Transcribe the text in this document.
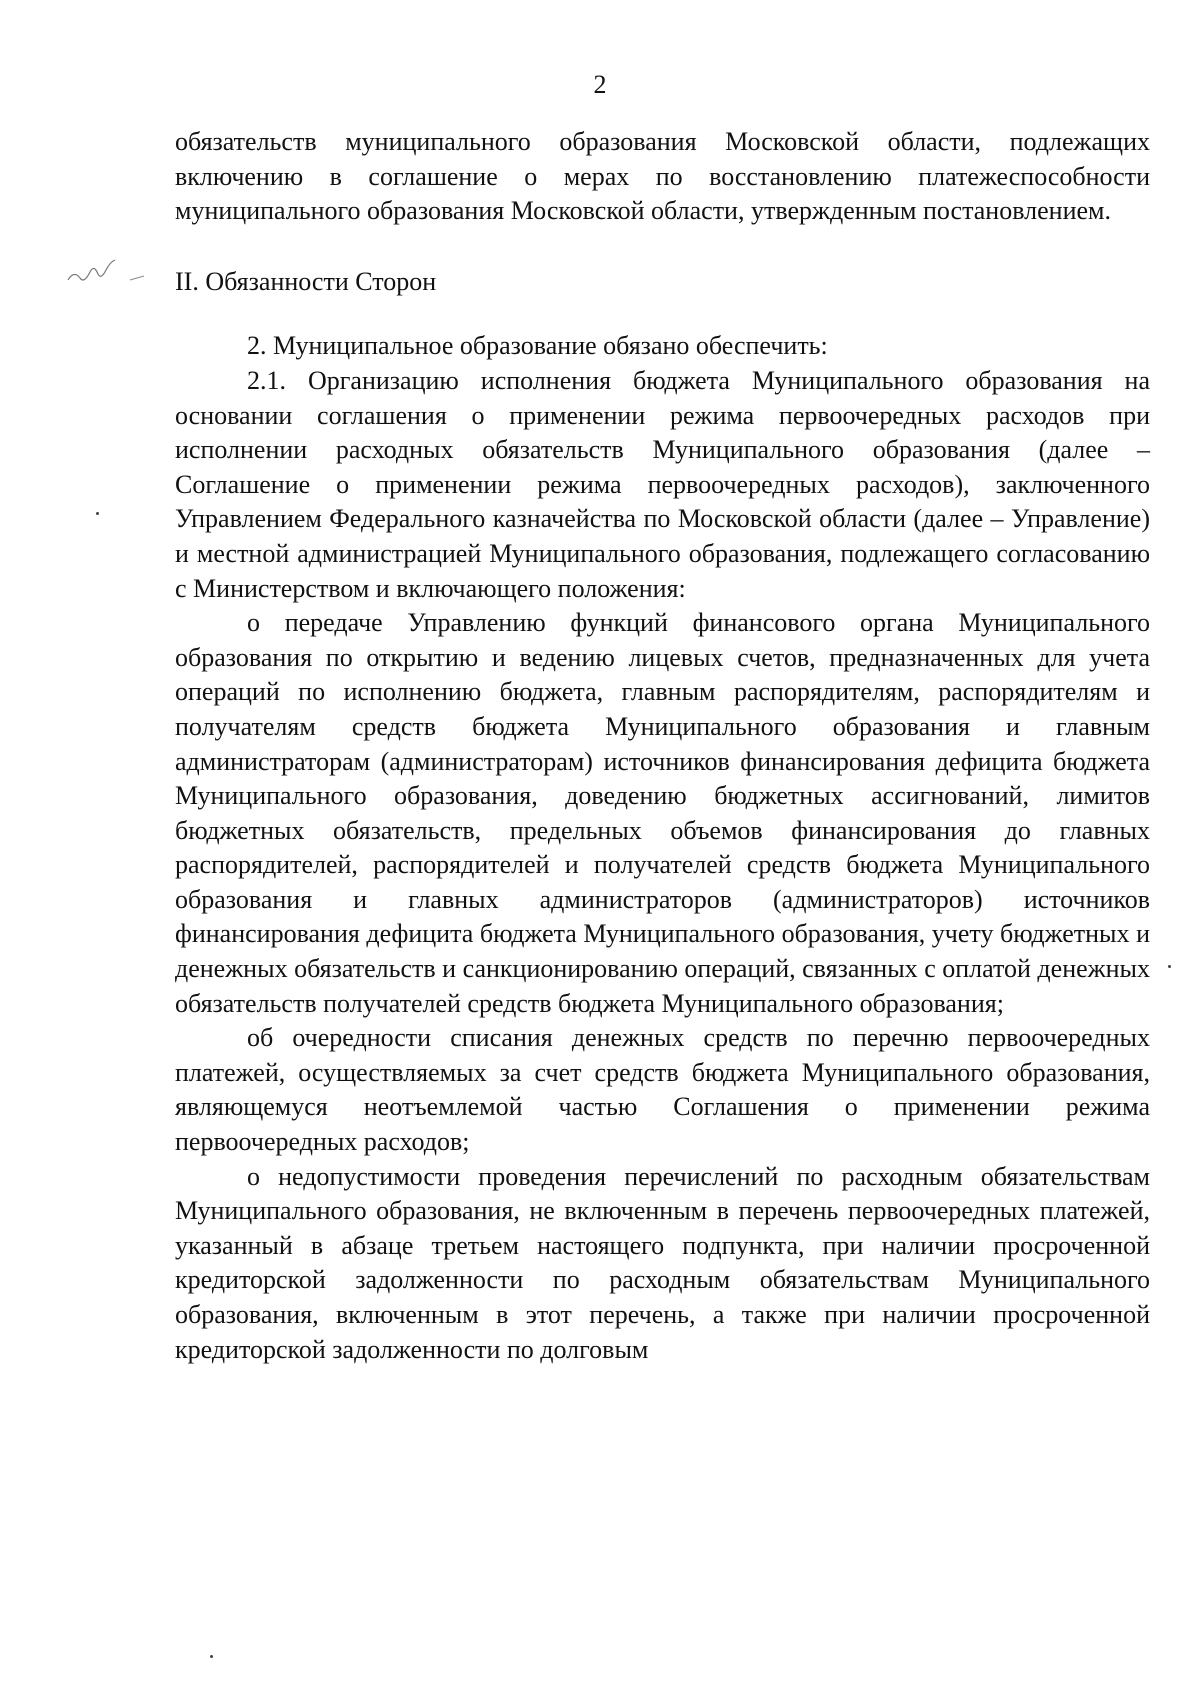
2

обязательств муниципального образования Московской области, подлежащих включению в соглашение о мерах по восстановлению платежеспособности муниципального образования Московской области, утвержденным постановлением.

II. Обязанности Сторон

2. Муниципальное образование обязано обеспечить:

2.1. Организацию исполнения бюджета Муниципального образования на основании соглашения о применении режима первоочередных расходов при исполнении расходных обязательств Муниципального образования (далее – Соглашение о применении режима первоочередных расходов), заключенного Управлением Федерального казначейства по Московской области (далее – Управление) и местной администрацией Муниципального образования, подлежащего согласованию с Министерством и включающего положения:

о передаче Управлению функций финансового органа Муниципального образования по открытию и ведению лицевых счетов, предназначенных для учета операций по исполнению бюджета, главным распорядителям, распорядителям и получателям средств бюджета Муниципального образования и главным администраторам (администраторам) источников финансирования дефицита бюджета Муниципального образования, доведению бюджетных ассигнований, лимитов бюджетных обязательств, предельных объемов финансирования до главных распорядителей, распорядителей и получателей средств бюджета Муниципального образования и главных администраторов (администраторов) источников финансирования дефицита бюджета Муниципального образования, учету бюджетных и денежных обязательств и санкционированию операций, связанных с оплатой денежных обязательств получателей средств бюджета Муниципального образования;

об очередности списания денежных средств по перечню первоочередных платежей, осуществляемых за счет средств бюджета Муниципального образования, являющемуся неотъемлемой частью Соглашения о применении режима первоочередных расходов;

о недопустимости проведения перечислений по расходным обязательствам Муниципального образования, не включенным в перечень первоочередных платежей, указанный в абзаце третьем настоящего подпункта, при наличии просроченной кредиторской задолженности по расходным обязательствам Муниципального образования, включенным в этот перечень, а также при наличии просроченной кредиторской задолженности по долговым
